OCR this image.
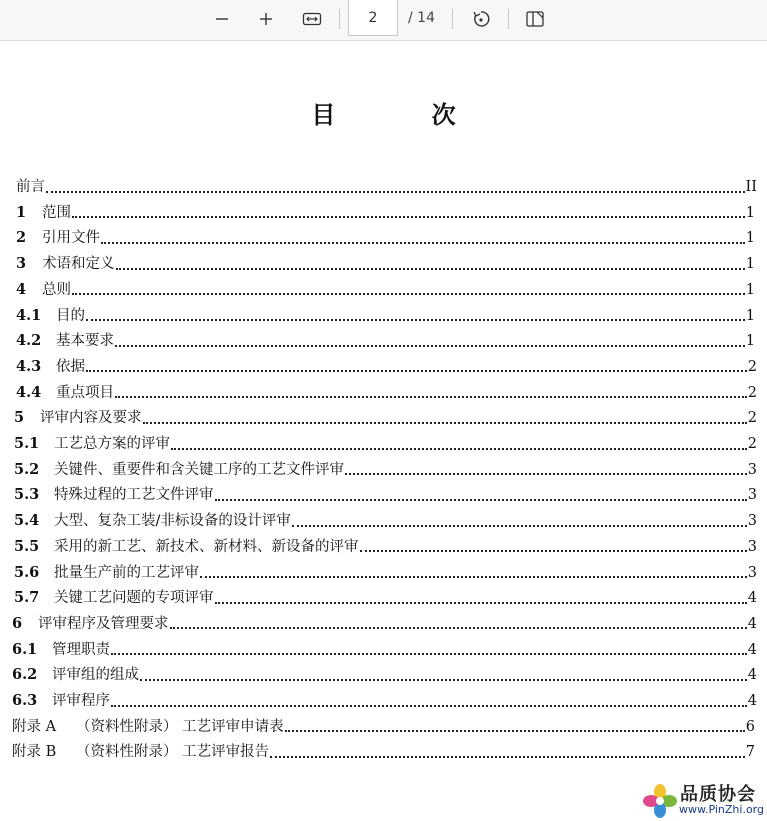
2
/ 14
目 次
前言	II
1 范围	1
2 引用文件	1
3 术语和定义	1
4 总则	1
4.1 目的	1
4.2 基本要求	1
4.3 依据	2
4.4 重点项目	2
5 评审内容及要求	2
5.1 工艺总方案的评审	2
5.2 关键件、重要件和含关键工序的工艺文件评审	3
5.3 特殊过程的工艺文件评审	3
5.4 大型、复杂工装/非标设备的设计评审	3
5.5 采用的新工艺、新技术、新材料、新设备的评审	3
5.6 批量生产前的工艺评审	3
5.7 关键工艺问题的专项评审	4
6 评审程序及管理要求	4
6.1 管理职责	4
6.2 评审组的组成	4
6.3 评审程序	4
附录 A （资料性附录） 工艺评审申请表	6
附录 B （资料性附录） 工艺评审报告	7
品质协会
www.PinZhi.org
